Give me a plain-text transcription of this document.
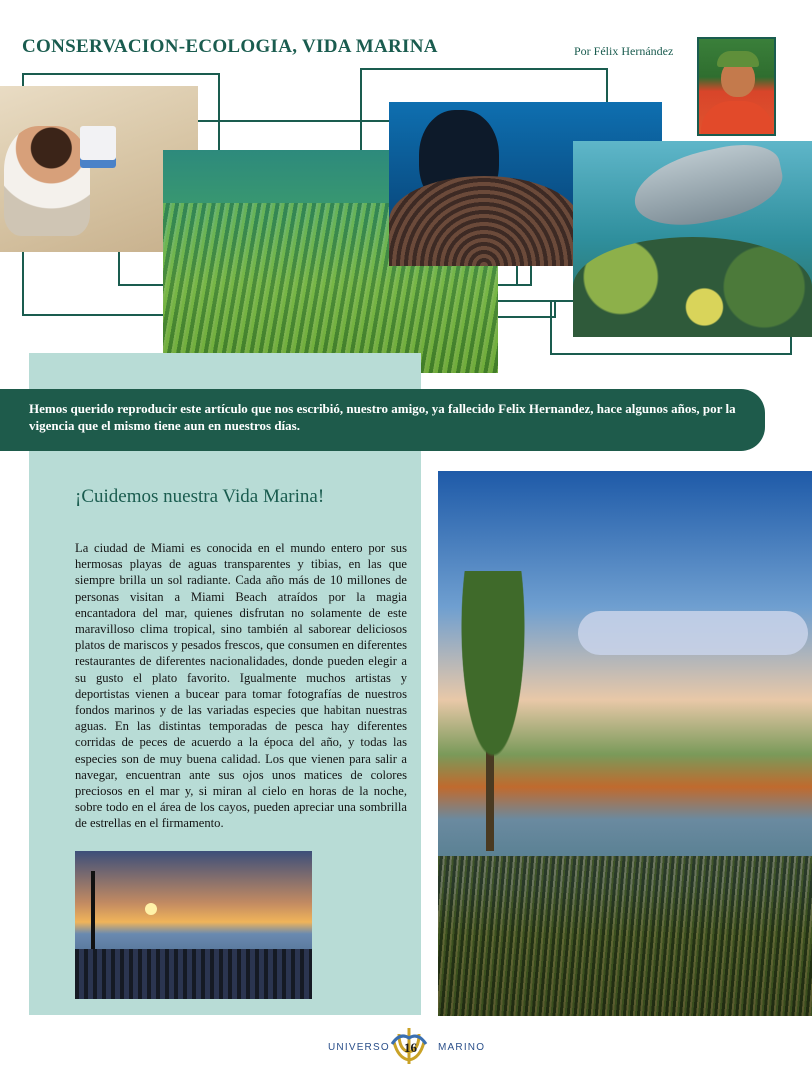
CONSERVACION-ECOLOGIA, VIDA MARINA	Por Félix Hernández
Hemos querido reproducir este artículo que nos escribió, nuestro amigo, ya fallecido Felix Hernandez, hace algunos años, por la vigencia que el mismo tiene aun en nuestros días.
¡Cuidemos nuestra Vida Marina!

La ciudad de Miami es conocida en el mundo entero por sus hermosas playas de aguas transparentes y tibias, en las que siempre brilla un sol radiante. Cada año más de 10 millones de personas visitan a Miami Beach atraídos por la magia encantadora del mar, quienes disfrutan no solamente de este maravilloso clima tropical, sino también al saborear deliciosos platos de mariscos y pesados frescos, que consumen en diferentes restaurantes de diferentes nacionalidades, donde pueden elegir a su gusto el plato favorito. Igualmente muchos artistas y deportistas vienen a bucear para tomar fotografías de nuestros fondos marinos y de las variadas especies que habitan nuestras aguas. En las distintas temporadas de pesca hay diferentes corridas de peces de acuerdo a la época del año, y todas las especies son de muy buena calidad. Los que vienen para salir a navegar, encuentran ante sus ojos unos matices de colores preciosos en el mar y, si miran al cielo en horas de la noche, sobre todo en el área de los cayos, pueden apreciar una sombrilla de estrellas en el firmamento.

UNIVERSO 16 MARINO
